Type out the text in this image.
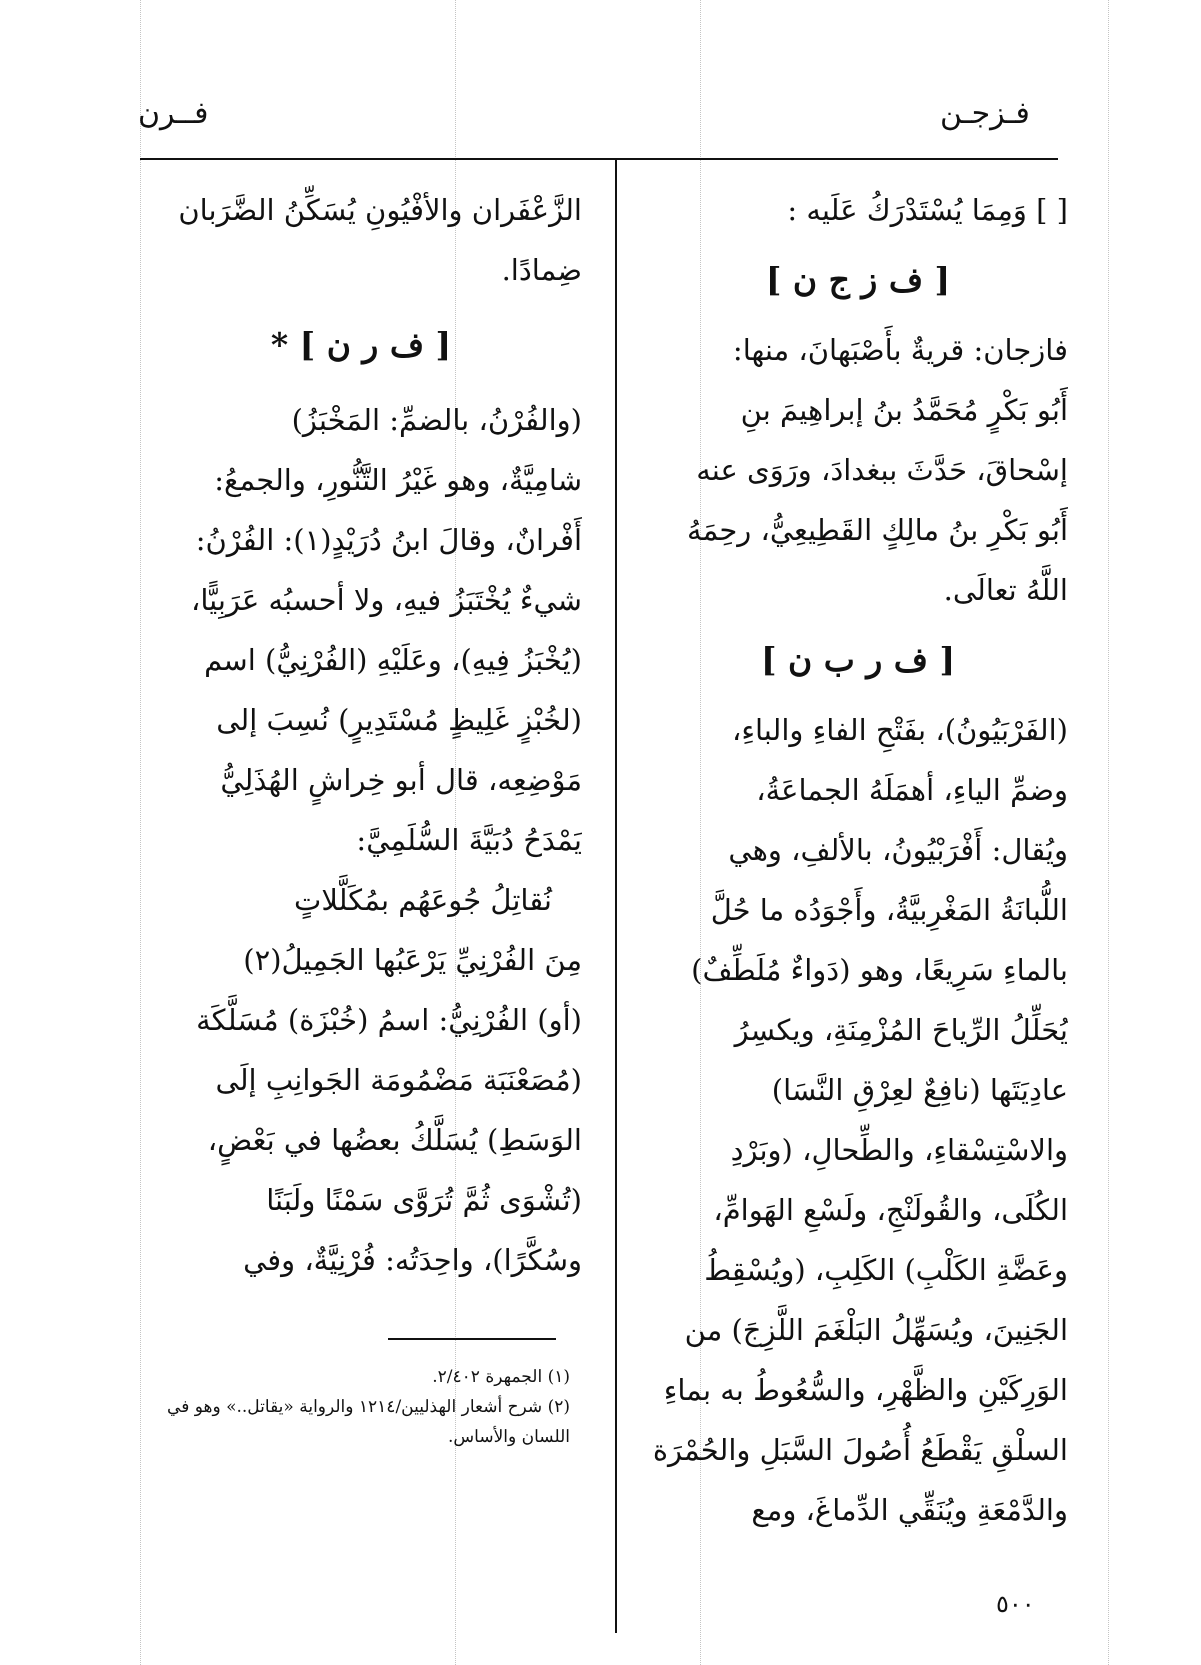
فــرن	فـزجـن
[ ] وَمِمَا يُسْتَدْرَكُ عَلَيه :
[ ف ز ج ن ]
فازجان: قريةٌ بأَصْبَهانَ، منها:
أَبُو بَكْرٍ مُحَمَّدُ بنُ إبراهِيمَ بنِ
إسْحاقَ، حَدَّثَ ببغدادَ، ورَوَى عنه
أَبُو بَكْرِ بنُ مالِكٍ القَطِيعِيُّ، رحِمَهُ
اللَّهُ تعالَى.
[ ف ر ب ن ]
(الفَرْبَيُونُ)، بفَتْحِ الفاءِ والباءِ،
وضمِّ الياءِ، أهمَلَهُ الجماعَةُ،
ويُقال: أَفْرَبْيُونُ، بالألفِ، وهي
اللُّبانَةُ المَغْرِبيَّةُ، وأَجْوَدُه ما حُلَّ
بالماءِ سَرِيعًا، وهو (دَواءٌ مُلَطِّفٌ)
يُحَلِّلُ الرِّياحَ المُزْمِنَةِ، ويكسِرُ
عادِيَتَها (نافِعٌ لعِرْقِ النَّسَا)
والاسْتِسْقاءِ، والطِّحالِ، (وبَرْدِ
الكُلَى، والقُولَنْجِ، ولَسْعِ الهَوامِّ،
وعَضَّةِ الكَلْبِ) الكَلِبِ، (ويُسْقِطُ
الجَنِينَ، ويُسَهِّلُ البَلْغَمَ اللَّزِجَ) من
الوَرِكَيْنِ والظَّهْرِ، والسُّعُوطُ به بماءِ
السلْقِ يَقْطَعُ أُصُولَ السَّبَلِ والحُمْرَة
والدَّمْعَةِ ويُنَقِّي الدِّماغَ، ومع
الزَّعْفَران والأفْيُونِ يُسَكِّنُ الضَّرَبان
ضِمادًا.
[ ف ر ن ] *
(والفُرْنُ، بالضمِّ: المَخْبَزُ)
شامِيَّةٌ، وهو غَيْرُ التَّنُّورِ، والجمعُ:
أَفْرانٌ، وقالَ ابنُ دُرَيْدٍ(١): الفُرْنُ:
شيءٌ يُخْتَبَزُ فيهِ، ولا أحسبُه عَرَبِيًّا،
(يُخْبَزُ فِيهِ)، وعَلَيْهِ (الفُرْنِيُّ) اسم
(لخُبْزٍ غَلِيظٍ مُسْتَدِيرٍ) نُسِبَ إلى
مَوْضِعِه، قال أبو خِراشٍ الهُذَلِيُّ
يَمْدَحُ دُبَيَّةَ السُّلَمِيَّ:
نُقاتِلُ جُوعَهُم بمُكَلَّلاتٍ
مِنَ الفُرْنِيِّ يَرْعَبُها الجَمِيلُ(٢)
(أو) الفُرْنِيُّ: اسمُ (خُبْزَة) مُسَلَّكَة
(مُصَعْنَبَة مَضْمُومَة الجَوانِبِ إلَى
الوَسَطِ) يُسَلَّكُ بعضُها في بَعْضٍ،
(تُشْوَى ثُمَّ تُرَوَّى سَمْنًا ولَبَنًا
وسُكَّرًا)، واحِدَتُه: فُرْنِيَّةٌ، وفي
(١) الجمهرة ٢/٤٠٢.
(٢) شرح أشعار الهذليين/١٢١٤ والرواية «يقاتل..» وهو في اللسان والأساس.
٥٠٠
